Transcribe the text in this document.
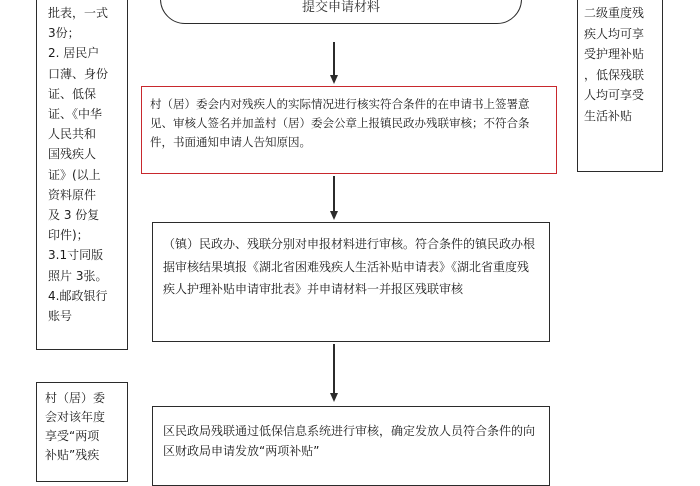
提交申请材料

批表，一式
3份；
2. 居民户
口薄、身份
证、低保
证、《中华
人民共和
国残疾人
证》(以上
资料原件
及 3 份复
印件)；
3.1寸同版
照片 3张。
4.邮政银行
账号
二级重度残
疾人均可享
受护理补贴
，低保残联
人均可享受
生活补贴

村（居）委会内对残疾人的实际情况进行核实符合条件的在申请书上签署意见、审核人签名并加盖村（居）委会公章上报镇民政办残联审核；不符合条件，书面通知申请人告知原因。

（镇）民政办、残联分别对申报材料进行审核。符合条件的镇民政办根据审核结果填报《湖北省困难残疾人生活补贴申请表》《湖北省重度残疾人护理补贴申请审批表》并申请材料一并报区残联审核

村（居）委
会对该年度
享受“两项
补贴”残疾

区民政局残联通过低保信息系统进行审核，确定发放人员符合条件的向区财政局申请发放“两项补贴”
